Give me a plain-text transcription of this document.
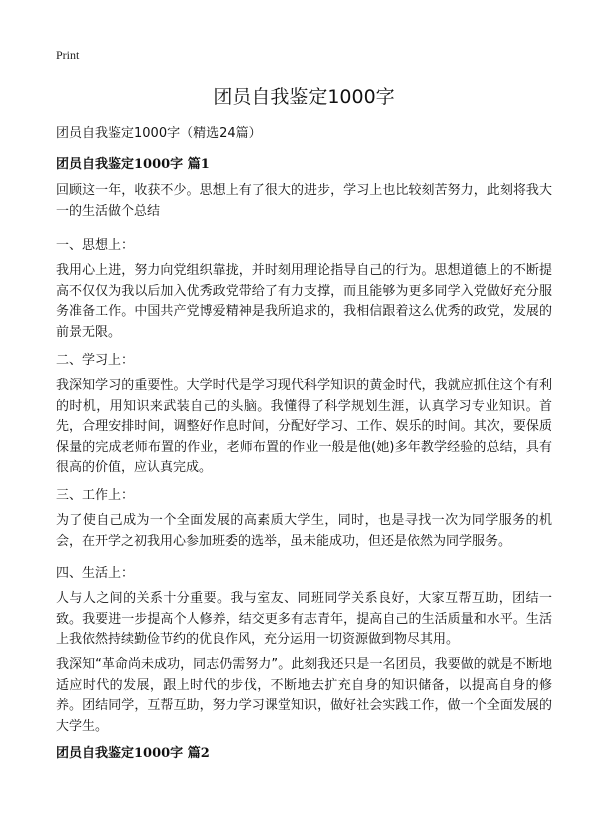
Print
团员自我鉴定1000字
团员自我鉴定1000字（精选24篇）
团员自我鉴定1000字 篇1

回顾这一年，收获不少。思想上有了很大的进步，学习上也比较刻苦努力，此刻将我大一的生活做个总结

一、思想上：

我用心上进，努力向党组织靠拢，并时刻用理论指导自己的行为。思想道德上的不断提高不仅仅为我以后加入优秀政党带给了有力支撑，而且能够为更多同学入党做好充分服务准备工作。中国共产党博爱精神是我所追求的，我相信跟着这么优秀的政党，发展的前景无限。

二、学习上：

我深知学习的重要性。大学时代是学习现代科学知识的黄金时代，我就应抓住这个有利的时机，用知识来武装自己的头脑。我懂得了科学规划生涯，认真学习专业知识。首先，合理安排时间，调整好作息时间，分配好学习、工作、娱乐的时间。其次，要保质保量的完成老师布置的作业，老师布置的作业一般是他(她)多年教学经验的总结，具有很高的价值，应认真完成。

三、工作上：

为了使自己成为一个全面发展的高素质大学生，同时，也是寻找一次为同学服务的机会，在开学之初我用心参加班委的选举，虽未能成功，但还是依然为同学服务。

四、生活上：

人与人之间的关系十分重要。我与室友、同班同学关系良好，大家互帮互助，团结一致。我要进一步提高个人修养，结交更多有志青年，提高自己的生活质量和水平。生活上我依然持续勤俭节约的优良作风，充分运用一切资源做到物尽其用。

我深知“革命尚未成功，同志仍需努力”。此刻我还只是一名团员，我要做的就是不断地适应时代的发展，跟上时代的步伐，不断地去扩充自身的知识储备，以提高自身的修养。团结同学，互帮互助，努力学习课堂知识，做好社会实践工作，做一个全面发展的大学生。

团员自我鉴定1000字 篇2
